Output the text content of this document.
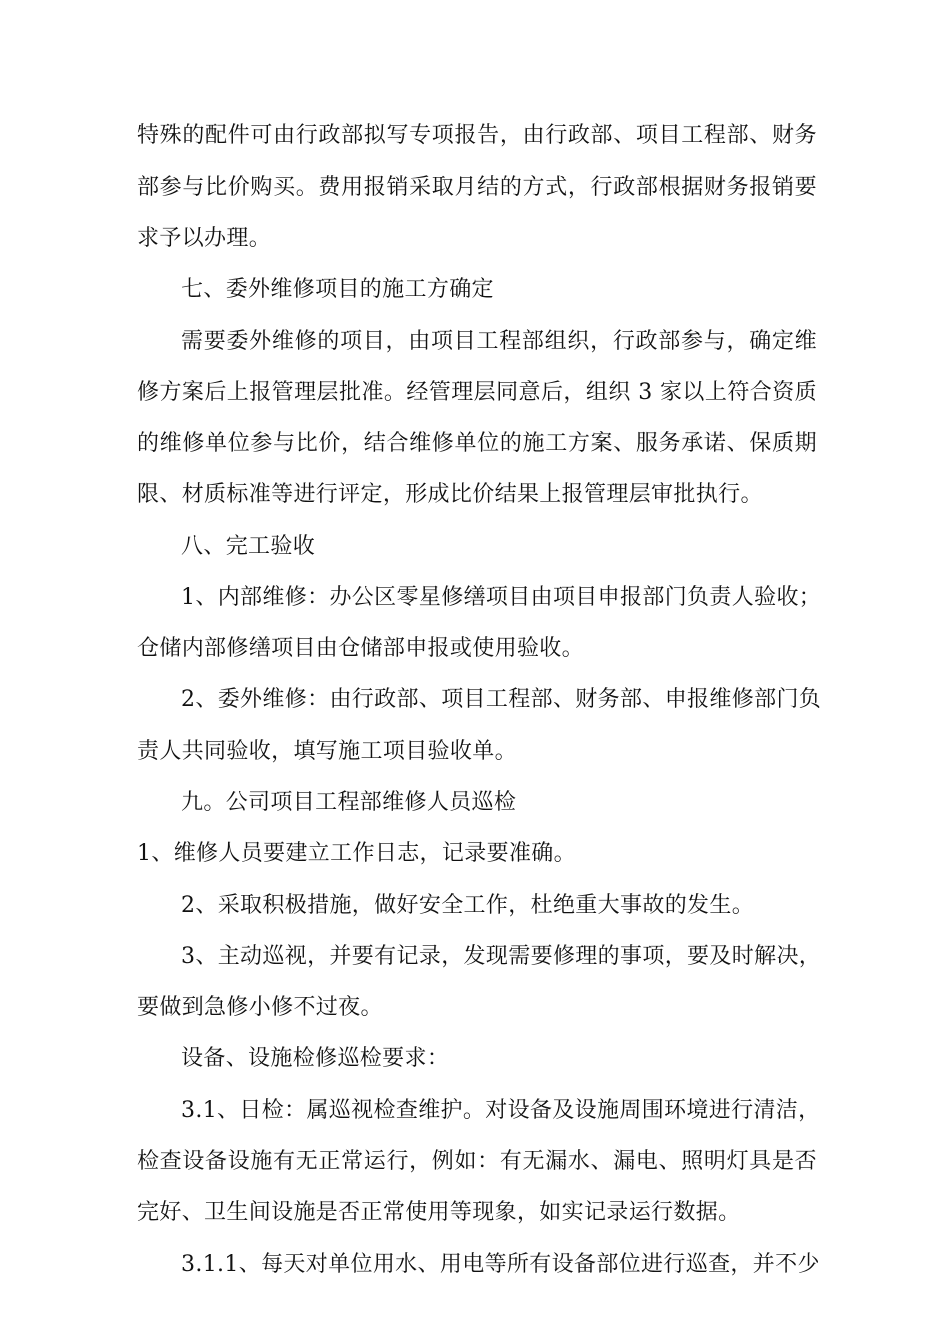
特殊的配件可由行政部拟写专项报告，由行政部、项目工程部、财务
部参与比价购买。费用报销采取月结的方式，行政部根据财务报销要
求予以办理。
七、委外维修项目的施工方确定
需要委外维修的项目，由项目工程部组织，行政部参与，确定维
修方案后上报管理层批准。经管理层同意后，组织 3 家以上符合资质
的维修单位参与比价，结合维修单位的施工方案、服务承诺、保质期
限、材质标准等进行评定，形成比价结果上报管理层审批执行。
八、完工验收
1、内部维修：办公区零星修缮项目由项目申报部门负责人验收；
仓储内部修缮项目由仓储部申报或使用验收。
2、委外维修：由行政部、项目工程部、财务部、申报维修部门负
责人共同验收，填写施工项目验收单。
九。公司项目工程部维修人员巡检
1、维修人员要建立工作日志，记录要准确。
2、采取积极措施，做好安全工作，杜绝重大事故的发生。
3、主动巡视，并要有记录，发现需要修理的事项，要及时解决，
要做到急修小修不过夜。
设备、设施检修巡检要求：
3.1、日检：属巡视检查维护。对设备及设施周围环境进行清洁，
检查设备设施有无正常运行，例如：有无漏水、漏电、照明灯具是否
完好、卫生间设施是否正常使用等现象，如实记录运行数据。
3.1.1、每天对单位用水、用电等所有设备部位进行巡查，并不少
